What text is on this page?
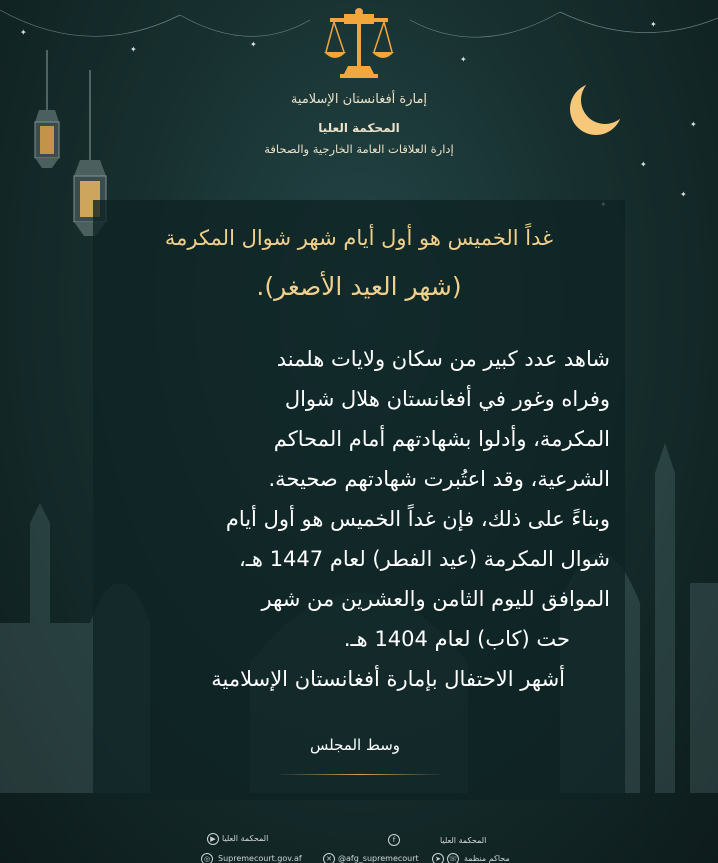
✦
✦
✦
✦
✦
✦
✦
✦
إمارة أفغانستان الإسلامية
المحكمة العليا
إدارة العلاقات العامة الخارجية والصحافة
غداً الخميس هو أول أيام شهر شوال المكرمة
(شهر العيد الأصغر).
شاهد عدد كبير من سكان ولايات هلمند
وفراه وغور في أفغانستان هلال شوال
المكرمة، وأدلوا بشهادتهم أمام المحاكم
الشرعية، وقد اعتُبرت شهادتهم صحيحة.
وبناءً على ذلك، فإن غداً الخميس هو أول أيام
شوال المكرمة (عيد الفطر) لعام 1447 هـ،
الموافق لليوم الثامن والعشرين من شهر
حت (كاب) لعام 1404 هـ.
أشهر الاحتفال بإمارة أفغانستان الإسلامية
وسط المجلس
▶ المحكمة العليا	f	المحكمة العليا
◎ Supremecourt.gov.af	✕ @afg_supremecourt	➤	☏ محاكم منظمة
